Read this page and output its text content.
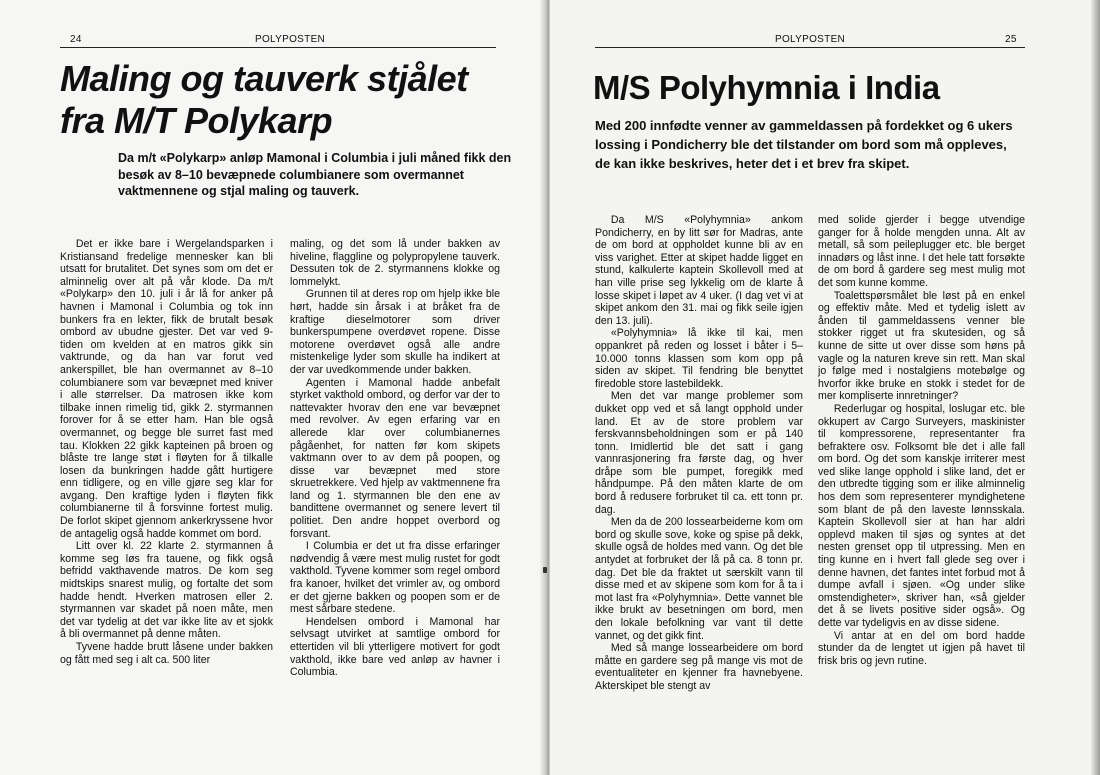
24	POLYPOSTEN
Maling og tauverk stjålet fra M/T Polykarp

Da m/t «Polykarp» anløp Mamonal i Columbia i juli måned fikk den besøk av 8–10 bevæpnede columbianere som overmannet vaktmennene og stjal maling og tauverk.

Det er ikke bare i Wergelandsparken i Kristiansand fredelige mennesker kan bli utsatt for brutalitet. Det synes som om det er alminnelig over alt på vår klode. Da m/t «Polykarp» den 10. juli i år lå for anker på havnen i Mamonal i Columbia og tok inn bunkers fra en lekter, fikk de brutalt besøk ombord av ubudne gjester. Det var ved 9-tiden om kvelden at en matros gikk sin vaktrunde, og da han var forut ved ankerspillet, ble han overmannet av 8–10 columbianere som var bevæpnet med kniver i alle størrelser. Da matrosen ikke kom tilbake innen rimelig tid, gikk 2. styrmannen forover for å se etter ham. Han ble også overmannet, og begge ble surret fast med tau. Klokken 22 gikk kapteinen på broen og blåste tre lange støt i fløyten for å tilkalle losen da bunkringen hadde gått hurtigere enn tidligere, og en ville gjøre seg klar for avgang. Den kraftige lyden i fløyten fikk columbianerne til å forsvinne fortest mulig. De forlot skipet gjennom ankerkryssene hvor de antagelig også hadde kommet om bord.

Litt over kl. 22 klarte 2. styrmannen å komme seg løs fra tauene, og fikk også befridd vakthavende matros. De kom seg midtskips snarest mulig, og fortalte det som hadde hendt. Hverken matrosen eller 2. styrmannen var skadet på noen måte, men det var tydelig at det var ikke lite av et sjokk å bli overmannet på denne måten.

Tyvene hadde brutt låsene under bakken og fått med seg i alt ca. 500 liter

maling, og det som lå under bakken av hiveline, flaggline og polypropylene tauverk. Dessuten tok de 2. styrmannens klokke og lommelykt.

Grunnen til at deres rop om hjelp ikke ble hørt, hadde sin årsak i at bråket fra de kraftige dieselmotorer som driver bunkerspumpene overdøvet ropene. Disse motorene overdøvet også alle andre mistenkelige lyder som skulle ha indikert at der var uvedkommende under bakken.

Agenten i Mamonal hadde anbefalt styrket vakthold ombord, og derfor var der to nattevakter hvorav den ene var bevæpnet med revolver. Av egen erfaring var en allerede klar over columbianernes pågåenhet, for natten før kom skipets vaktmann over to av dem på poopen, og disse var bevæpnet med store skruetrekkere. Ved hjelp av vaktmennene fra land og 1. styrmannen ble den ene av bandittene overmannet og senere levert til politiet. Den andre hoppet overbord og forsvant.

I Columbia er det ut fra disse erfaringer nødvendig å være mest mulig rustet for godt vakthold. Tyvene kommer som regel ombord fra kanoer, hvilket det vrimler av, og ombord er det gjerne bakken og poopen som er de mest sårbare stedene.

Hendelsen ombord i Mamonal har selvsagt utvirket at samtlige ombord for ettertiden vil bli ytterligere motivert for godt vakthold, ikke bare ved anløp av havner i Columbia.

POLYPOSTEN	25
M/S Polyhymnia i India

Med 200 innfødte venner av gammeldassen på fordekket og 6 ukers lossing i Pondicherry ble det tilstander om bord som må oppleves, de kan ikke beskrives, heter det i et brev fra skipet.

Da M/S «Polyhymnia» ankom Pondicherry, en by litt sør for Madras, ante de om bord at oppholdet kunne bli av en viss varighet. Etter at skipet hadde ligget en stund, kalkulerte kaptein Skollevoll med at han ville prise seg lykkelig om de klarte å losse skipet i løpet av 4 uker. (I dag vet vi at skipet ankom den 31. mai og fikk seile igjen den 13. juli).

«Polyhymnia» lå ikke til kai, men oppankret på reden og losset i båter i 5–10.000 tonns klassen som kom opp på siden av skipet. Til fendring ble benyttet firedoble store lastebildekk.

Men det var mange problemer som dukket opp ved et så langt opphold under land. Et av de store problem var ferskvannsbeholdningen som er på 140 tonn. Imidlertid ble det satt i gang vannrasjonering fra første dag, og hver dråpe som ble pumpet, foregikk med håndpumpe. På den måten klarte de om bord å redusere forbruket til ca. ett tonn pr. dag.

Men da de 200 lossearbeiderne kom om bord og skulle sove, koke og spise på dekk, skulle også de holdes med vann. Og det ble antydet at forbruket der lå på ca. 8 tonn pr. dag. Det ble da fraktet ut særskilt vann til disse med et av skipene som kom for å ta i mot last fra «Polyhymnia». Dette vannet ble ikke brukt av besetningen om bord, men den lokale befolkning var vant til dette vannet, og det gikk fint.

Med så mange lossearbeidere om bord måtte en gardere seg på mange vis mot de eventualiteter en kjenner fra havnebyene. Akterskipet ble stengt av

med solide gjerder i begge utvendige ganger for å holde mengden unna. Alt av metall, så som peileplugger etc. ble berget innadørs og låst inne. I det hele tatt forsøkte de om bord å gardere seg mest mulig mot det som kunne komme.

Toalettspørsmålet ble løst på en enkel og effektiv måte. Med et tydelig islett av ånden til gammeldassens venner ble stokker rigget ut fra skutesiden, og så kunne de sitte ut over disse som høns på vagle og la naturen kreve sin rett. Man skal jo følge med i nostalgiens motebølge og hvorfor ikke bruke en stokk i stedet for de mer kompliserte innretninger?

Rederlugar og hospital, loslugar etc. ble okkupert av Cargo Surveyers, maskinister til kompressorene, representanter fra befraktere osv. Folksomt ble det i alle fall om bord. Og det som kanskje irriterer mest ved slike lange opphold i slike land, det er den utbredte tigging som er ilike alminnelig hos dem som representerer myndighetene som blant de på den laveste lønnsskala. Kaptein Skollevoll sier at han har aldri opplevd maken til sjøs og syntes at det nesten grenset opp til utpressing. Men en ting kunne en i hvert fall glede seg over i denne havnen, det fantes intet forbud mot å dumpe avfall i sjøen. «Og under slike omstendigheter», skriver han, «så gjelder det å se livets positive sider også». Og dette var tydeligvis en av disse sidene.

Vi antar at en del om bord hadde stunder da de lengtet ut igjen på havet til frisk bris og jevn rutine.
